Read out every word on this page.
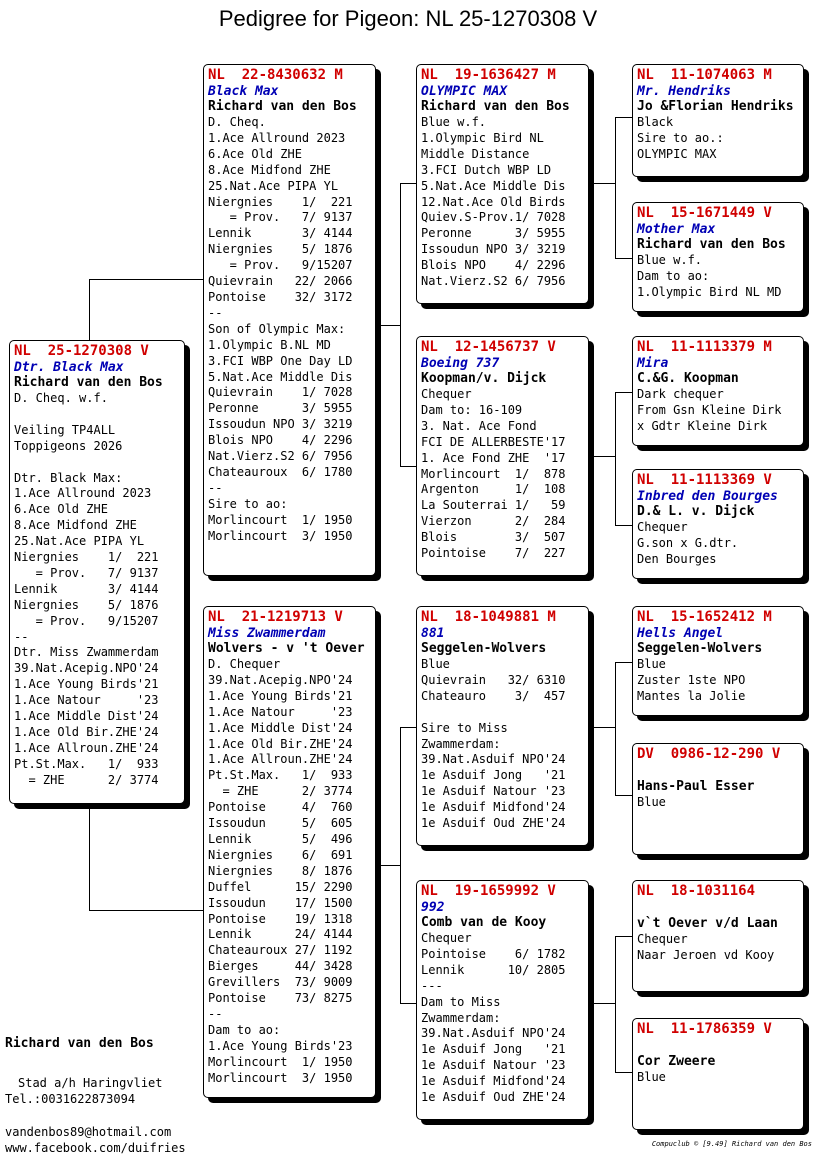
Pedigree for Pigeon: NL 25-1270308 V
NL  25-1270308 V
Dtr. Black Max
Richard van den Bos
D. Cheq. w.f.
Veiling TP4ALL
Toppigeons 2026
Dtr. Black Max:
1.Ace Allround 2023
6.Ace Old ZHE
8.Ace Midfond ZHE
25.Nat.Ace PIPA YL
Niergnies    1/  221
= Prov.   7/ 9137
Lennik       3/ 4144
Niergnies    5/ 1876
= Prov.   9/15207
--
Dtr. Miss Zwammerdam
39.Nat.Acepig.NPO'24
1.Ace Young Birds'21
1.Ace Natour     '23
1.Ace Middle Dist'24
1.Ace Old Bir.ZHE'24
1.Ace Allroun.ZHE'24
Pt.St.Max.   1/  933
= ZHE      2/ 3774
NL  22-8430632 M
Black Max
Richard van den Bos
D. Cheq.
1.Ace Allround 2023
6.Ace Old ZHE
8.Ace Midfond ZHE
25.Nat.Ace PIPA YL
Niergnies    1/  221
= Prov.   7/ 9137
Lennik       3/ 4144
Niergnies    5/ 1876
= Prov.   9/15207
Quievrain   22/ 2066
Pontoise    32/ 3172
--
Son of Olympic Max:
1.Olympic B.NL MD
3.FCI WBP One Day LD
5.Nat.Ace Middle Dis
Quievrain    1/ 7028
Peronne      3/ 5955
Issoudun NPO 3/ 3219
Blois NPO    4/ 2296
Nat.Vierz.S2 6/ 7956
Chateauroux  6/ 1780
--
Sire to ao:
Morlincourt  1/ 1950
Morlincourt  3/ 1950
NL  21-1219713 V
Miss Zwammerdam
Wolvers - v 't Oever
D. Chequer
39.Nat.Acepig.NPO'24
1.Ace Young Birds'21
1.Ace Natour     '23
1.Ace Middle Dist'24
1.Ace Old Bir.ZHE'24
1.Ace Allroun.ZHE'24
Pt.St.Max.   1/  933
= ZHE      2/ 3774
Pontoise     4/  760
Issoudun     5/  605
Lennik       5/  496
Niergnies    6/  691
Niergnies    8/ 1876
Duffel      15/ 2290
Issoudun    17/ 1500
Pontoise    19/ 1318
Lennik      24/ 4144
Chateauroux 27/ 1192
Bierges     44/ 3428
Grevillers  73/ 9009
Pontoise    73/ 8275
--
Dam to ao:
1.Ace Young Birds'23
Morlincourt  1/ 1950
Morlincourt  3/ 1950
NL  19-1636427 M
OLYMPIC MAX
Richard van den Bos
Blue w.f.
1.Olympic Bird NL
Middle Distance
3.FCI Dutch WBP LD
5.Nat.Ace Middle Dis
12.Nat.Ace Old Birds
Quiev.S-Prov.1/ 7028
Peronne      3/ 5955
Issoudun NPO 3/ 3219
Blois NPO    4/ 2296
Nat.Vierz.S2 6/ 7956
NL  12-1456737 V
Boeing 737
Koopman/v. Dijck
Chequer
Dam to: 16-109
3. Nat. Ace Fond
FCI DE ALLERBESTE'17
1. Ace Fond ZHE  '17
Morlincourt  1/  878
Argenton     1/  108
La Souterrai 1/   59
Vierzon      2/  284
Blois        3/  507
Pointoise    7/  227
NL  18-1049881 M
881
Seggelen-Wolvers
Blue
Quievrain   32/ 6310
Chateauro    3/  457
Sire to Miss
Zwammerdam:
39.Nat.Asduif NPO'24
1e Asduif Jong   '21
1e Asduif Natour '23
1e Asduif Midfond'24
1e Asduif Oud ZHE'24
NL  19-1659992 V
992
Comb van de Kooy
Chequer
Pointoise    6/ 1782
Lennik      10/ 2805
---
Dam to Miss
Zwammerdam:
39.Nat.Asduif NPO'24
1e Asduif Jong   '21
1e Asduif Natour '23
1e Asduif Midfond'24
1e Asduif Oud ZHE'24
NL  11-1074063 M
Mr. Hendriks
Jo &Florian Hendriks
Black
Sire to ao.:
OLYMPIC MAX
NL  15-1671449 V
Mother Max
Richard van den Bos
Blue w.f.
Dam to ao:
1.Olympic Bird NL MD
NL  11-1113379 M
Mira
C.&G. Koopman
Dark chequer
From Gsn Kleine Dirk
x Gdtr Kleine Dirk
NL  11-1113369 V
Inbred den Bourges
D.& L. v. Dijck
Chequer
G.son x G.dtr.
Den Bourges
NL  15-1652412 M
Hells Angel
Seggelen-Wolvers
Blue
Zuster 1ste NPO
Mantes la Jolie
DV  0986-12-290 V
Hans-Paul Esser
Blue
NL  18-1031164
v`t Oever v/d Laan
Chequer
Naar Jeroen vd Kooy
NL  11-1786359 V
Cor Zweere
Blue
Richard van den Bos
Stad a/h Haringvliet
Tel.:0031622873094
vandenbos89@hotmail.com
www.facebook.com/duifries	Compuclub © [9.49] Richard van den Bos
